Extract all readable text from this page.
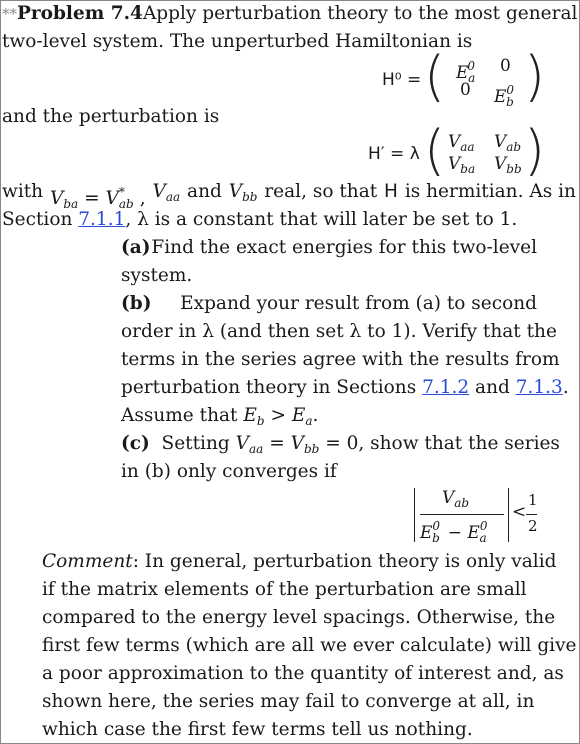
**Problem 7.4 Apply perturbation theory to the most general
two-level system. The unperturbed Hamiltonian is
H⁰ = ( $E^0_a$
0
0 $E^0_b$ )
and the perturbation is
H′ = λ ( $V_{aa}$ $V_{ab}$
$V_{ba}$ $V_{bb}$ )
with $V_{ba} = V^*_{ab}$ , $V_{aa}$ and $V_{bb}$ real, so that H is hermitian. As in
Section 7.1.1, λ is a constant that will later be set to 1.
(a) Find the exact energies for this two-level
system.
(b) Expand your result from (a) to second
order in λ (and then set λ to 1). Verify that the
terms in the series agree with the results from
perturbation theory in Sections 7.1.2 and 7.1.3.
Assume that $E_b > E_a$.
(c) Setting $V_{aa} = V_{bb} = 0$, show that the series
in (b) only converges if
$V_{ab}$
$E^0_b - E^0_a$
<
1
2
Comment: In general, perturbation theory is only valid
if the matrix elements of the perturbation are small
compared to the energy level spacings. Otherwise, the
first few terms (which are all we ever calculate) will give
a poor approximation to the quantity of interest and, as
shown here, the series may fail to converge at all, in
which case the first few terms tell us nothing.
